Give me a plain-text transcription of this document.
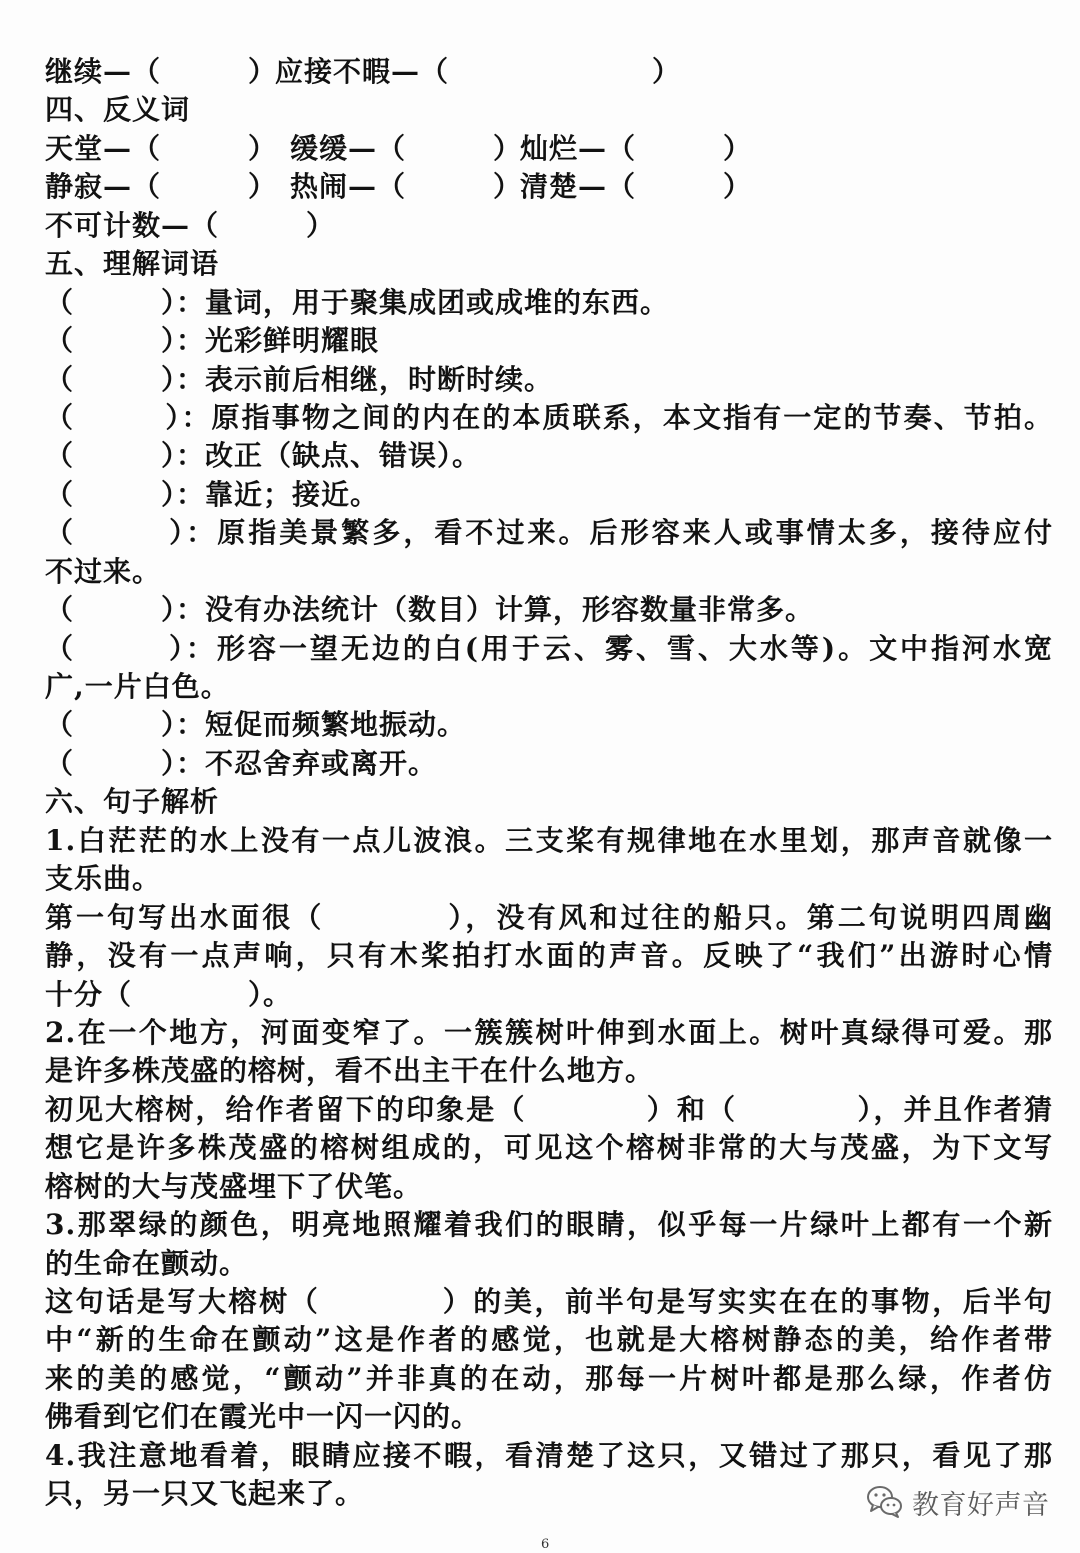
继续—（　　　）
应接不暇—（　　　　　　　）
四、反义词
天堂—（　　　） 缓缓—（　　　）
灿烂—（　　　）
静寂—（　　　） 热闹—（　　　）
清楚—（　　　）
不可计数—（　　　）
五、理解词语
（　　　）：量词，用于聚集成团或成堆的东西。
（　　　）：光彩鲜明耀眼
（　　　）：表示前后相继，时断时续。
（　　　）：原指事物之间的内在的本质联系，本文指有一定的节奏、节拍。
（　　　）：改正（缺点、错误）。
（　　　）：靠近；接近。
（　　　）：原指美景繁多，看不过来。后形容来人或事情太多，接待应付
不过来。
（　　　）：没有办法统计（数目）计算，形容数量非常多。
（　　　）：形容一望无边的白(用于云、雾、雪、大水等)。文中指河水宽
广,一片白色。
（　　　）：短促而频繁地振动。
（　　　）：不忍舍弃或离开。
六、句子解析
1.白茫茫的水上没有一点儿波浪。三支桨有规律地在水里划，那声音就像一
支乐曲。
第一句写出水面很（　　　　），没有风和过往的船只。第二句说明四周幽
静，没有一点声响，只有木桨拍打水面的声音。反映了“我们”出游时心情
十分（　　　　）。
2.在一个地方，河面变窄了。一簇簇树叶伸到水面上。树叶真绿得可爱。那
是许多株茂盛的榕树，看不出主干在什么地方。
初见大榕树，给作者留下的印象是（　　　　）和（　　　　），并且作者猜
想它是许多株茂盛的榕树组成的，可见这个榕树非常的大与茂盛，为下文写
榕树的大与茂盛埋下了伏笔。
3.那翠绿的颜色，明亮地照耀着我们的眼睛，似乎每一片绿叶上都有一个新
的生命在颤动。
这句话是写大榕树（　　　　）的美，前半句是写实实在在的事物，后半句
中“新的生命在颤动”这是作者的感觉，也就是大榕树静态的美，给作者带
来的美的感觉，“颤动”并非真的在动，那每一片树叶都是那么绿，作者仿
佛看到它们在霞光中一闪一闪的。
4.我注意地看着，眼睛应接不暇，看清楚了这只，又错过了那只，看见了那
只，另一只又飞起来了。	教育好声音
6
